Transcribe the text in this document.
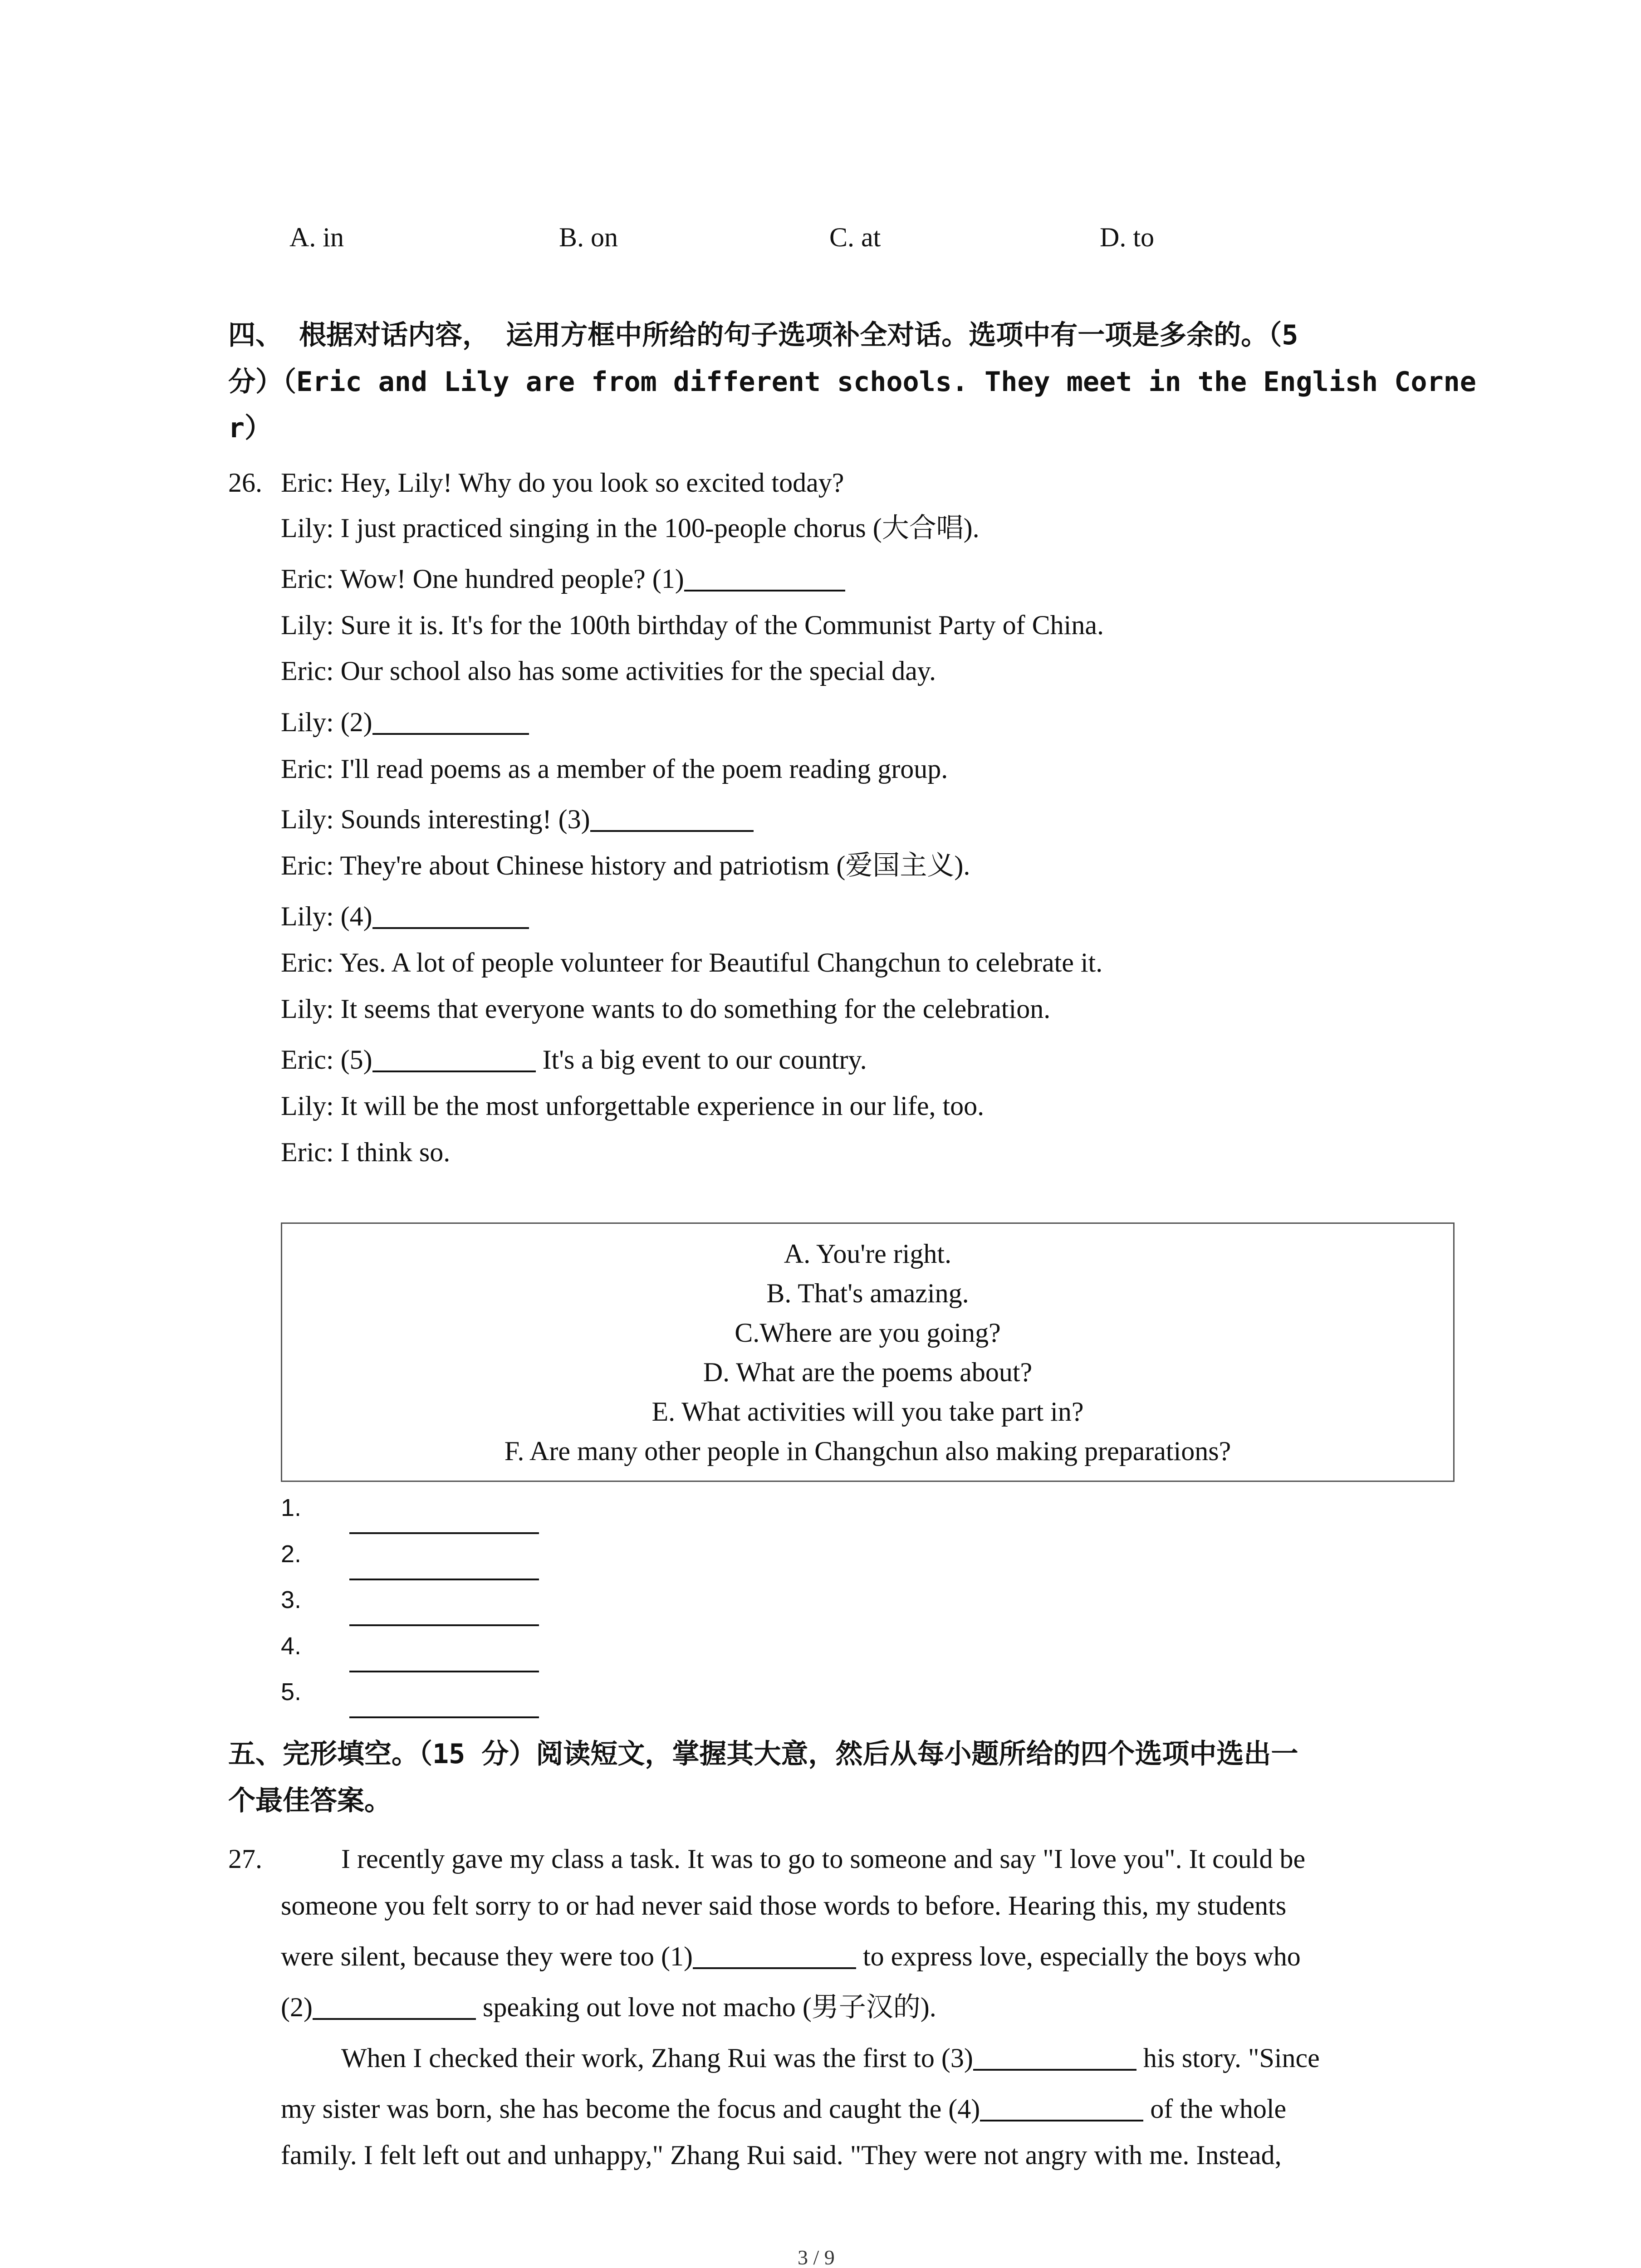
A. in	B. on	C. at	D. to
四、 根据对话内容， 运用方框中所给的句子选项补全对话。选项中有一项是多余的。（5
分）（Eric and Lily are from different schools. They meet in the English Corne
r）
26. Eric: Hey, Lily! Why do you look so excited today?
Lily: I just practiced singing in the 100-people chorus (大合唱).
Eric: Wow! One hundred people? (1)
Lily: Sure it is. It's for the 100th birthday of the Communist Party of China.
Eric: Our school also has some activities for the special day.
Lily: (2)
Eric: I'll read poems as a member of the poem reading group.
Lily: Sounds interesting! (3)
Eric: They're about Chinese history and patriotism (爱国主义).
Lily: (4)
Eric: Yes. A lot of people volunteer for Beautiful Changchun to celebrate it.
Lily: It seems that everyone wants to do something for the celebration.
Eric: (5)	It's a big event to our country.
Lily: It will be the most unforgettable experience in our life, too.
Eric: I think so.
A. You're right.
B. That's amazing.
C.Where are you going?
D. What are the poems about?
E. What activities will you take part in?
F. Are many other people in Changchun also making preparations?
1.
2.
3.
4.
5.
五、完形填空。（15 分）阅读短文，掌握其大意，然后从每小题所给的四个选项中选出一
个最佳答案。
27.	I recently gave my class a task. It was to go to someone and say "I love you". It could be
someone you felt sorry to or had never said those words to before. Hearing this, my students
were silent, because they were too (1)	to express love, especially the boys who
(2)	speaking out love not macho (男子汉的).
When I checked their work, Zhang Rui was the first to (3)	his story. "Since
my sister was born, she has become the focus and caught the (4)	of the whole
family. I felt left out and unhappy," Zhang Rui said. "They were not angry with me. Instead,
3 / 9
